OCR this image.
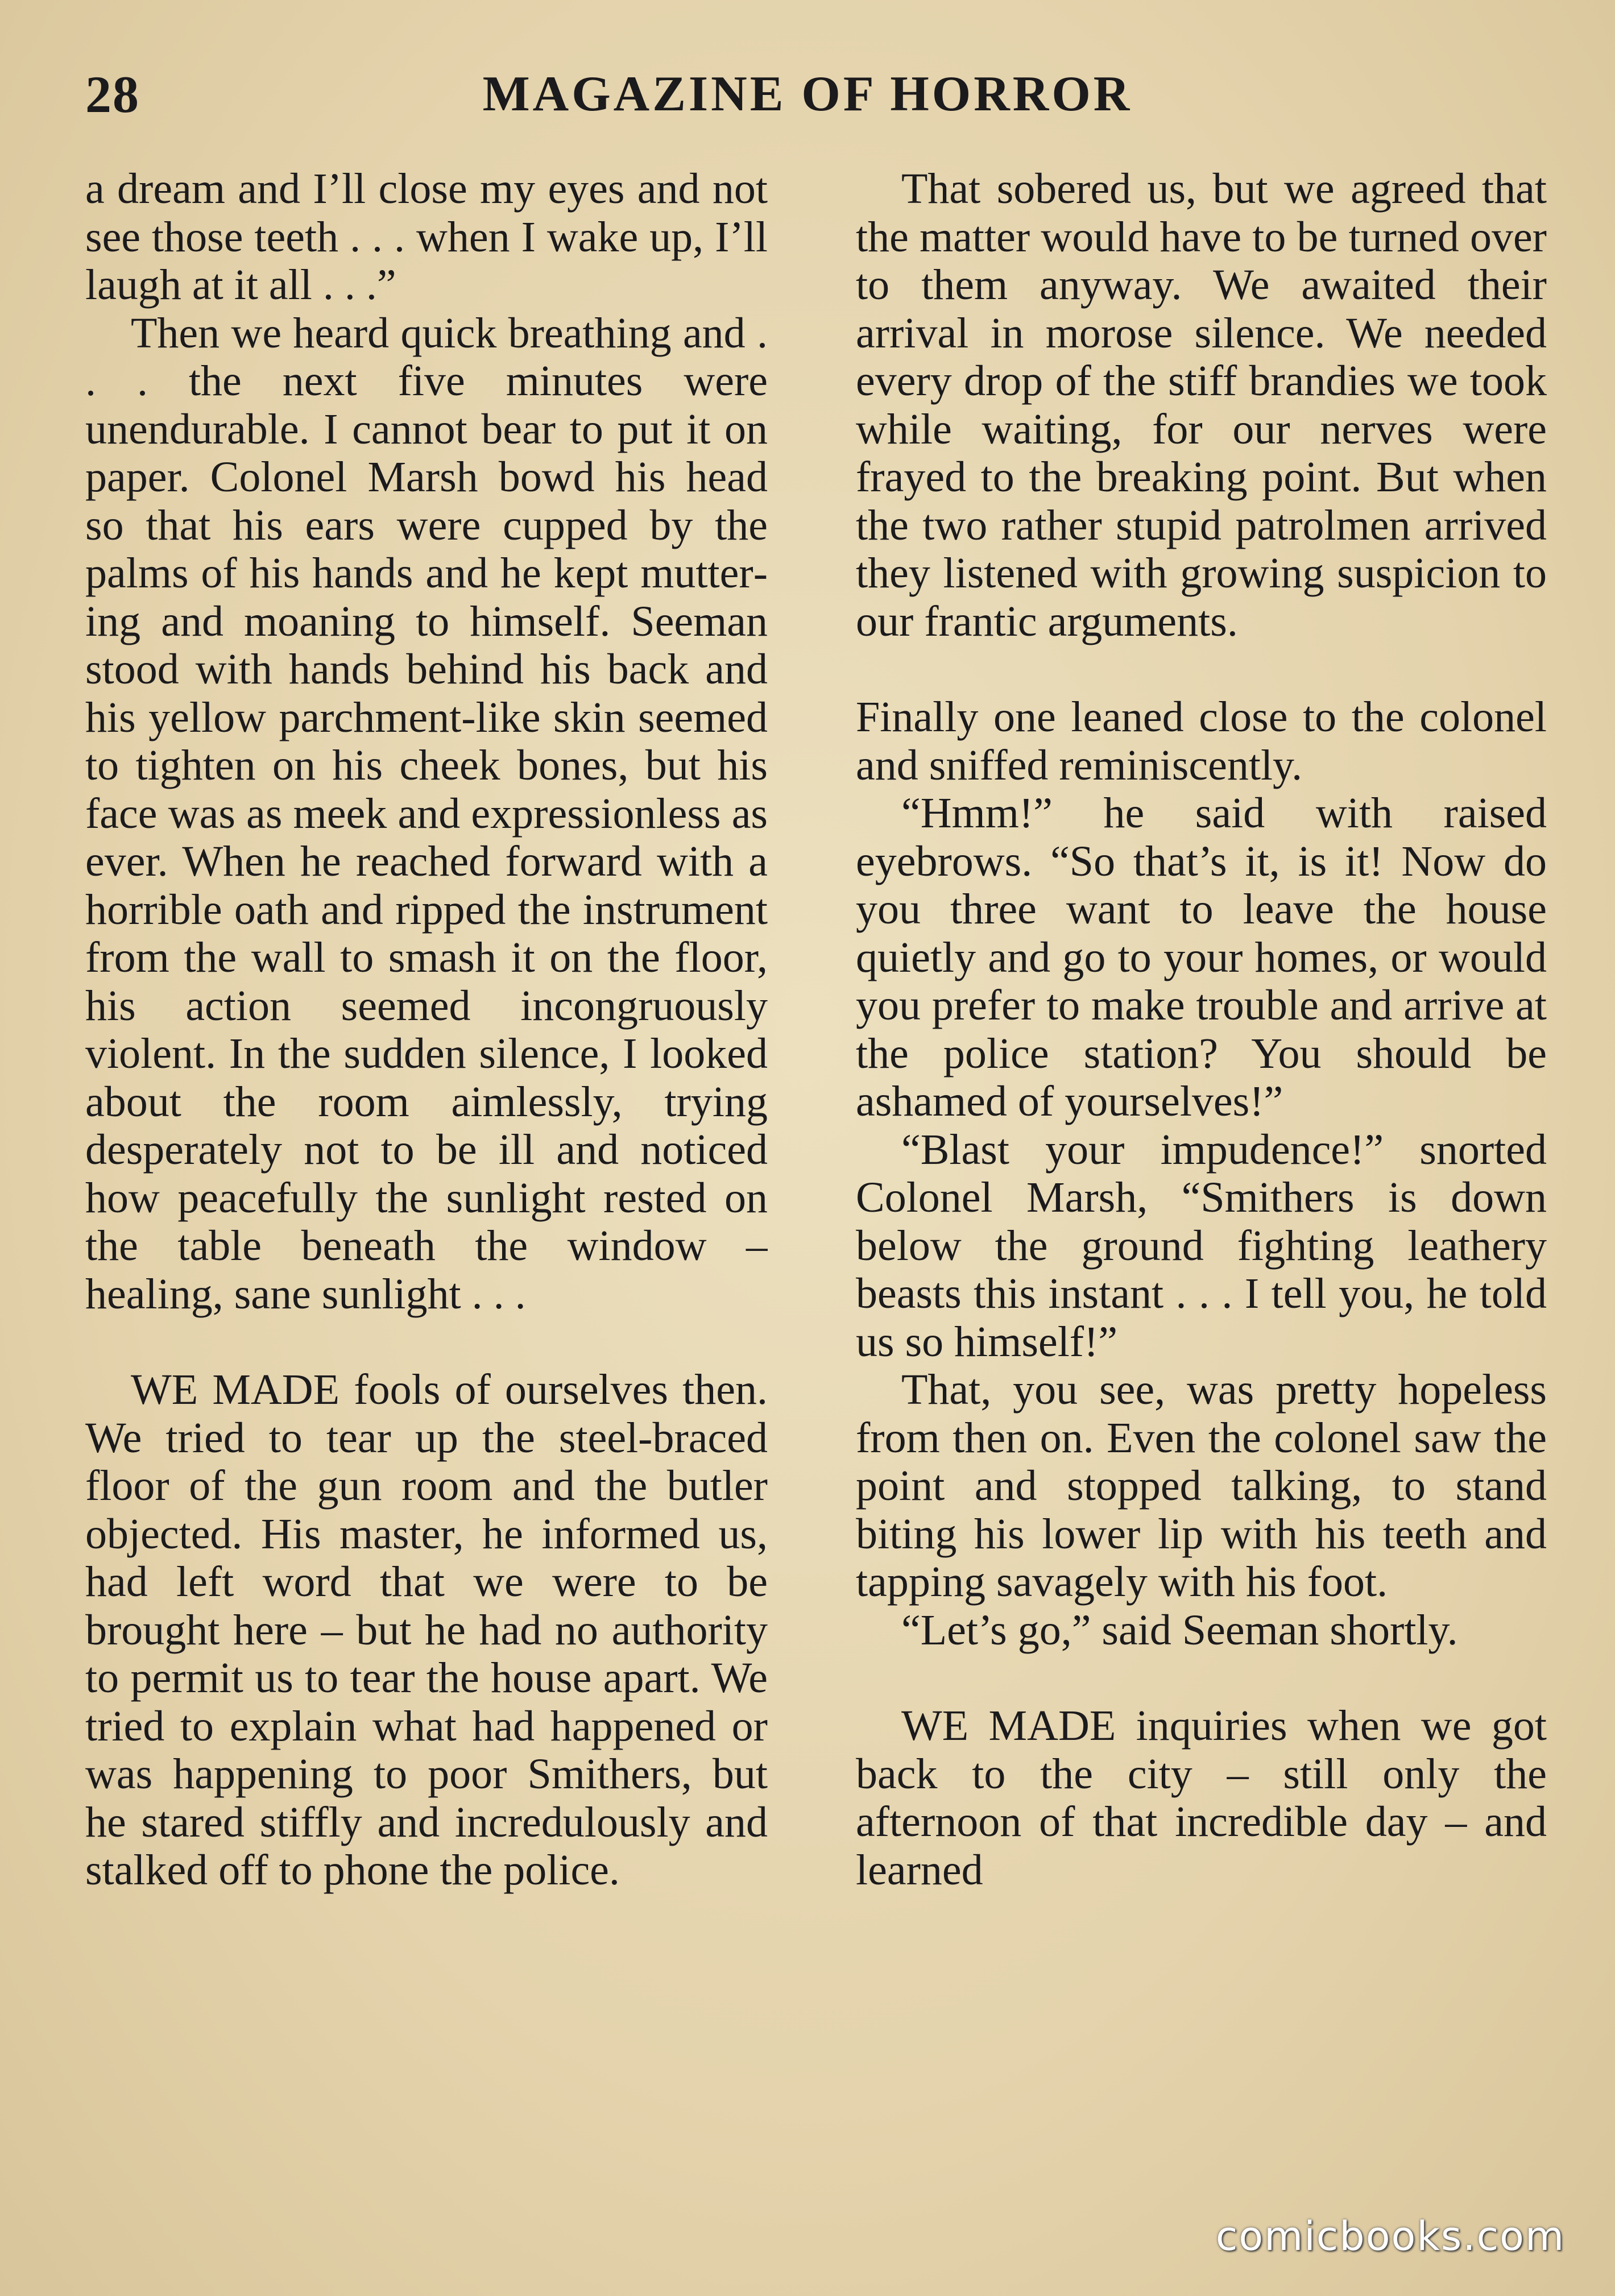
28	MAGAZINE OF HORROR

a dream and I’ll close my eyes and not see those teeth . . . when I wake up, I’ll laugh at it all . . .”

Then we heard quick breathing and . . . the next five minutes were unendurable. I cannot bear to put it on paper. Colonel Marsh bowd his head so that his ears were cupped by the palms of his hands and he kept muttering and moaning to himself. Seeman stood with hands behind his back and his yellow parchment-like skin seemed to tighten on his cheek bones, but his face was as meek and expressionless as ever. When he reached forward with a horrible oath and ripped the instrument from the wall to smash it on the floor, his action seemed incongruously violent. In the sudden silence, I looked about the room aimlessly, trying desperately not to be ill and noticed how peacefully the sunlight rested on the table beneath the window – healing, sane sunlight . . .

WE MADE fools of ourselves then. We tried to tear up the steel-braced floor of the gun room and the butler objected. His master, he informed us, had left word that we were to be brought here – but he had no authority to permit us to tear the house apart. We tried to explain what had happened or was happening to poor Smithers, but he stared stiffly and incredulously and stalked off to phone the police.

That sobered us, but we agreed that the matter would have to be turned over to them anyway. We awaited their arrival in morose silence. We needed every drop of the stiff brandies we took while waiting, for our nerves were frayed to the breaking point. But when the two rather stupid patrolmen arrived they listened with growing suspicion to our frantic arguments.

Finally one leaned close to the colonel and sniffed reminiscently.

“Hmm!” he said with raised eyebrows. “So that’s it, is it! Now do you three want to leave the house quietly and go to your homes, or would you prefer to make trouble and arrive at the police station? You should be ashamed of yourselves!”

“Blast your impudence!” snorted Colonel Marsh, “Smithers is down below the ground fighting leathery beasts this instant . . . I tell you, he told us so himself!”

That, you see, was pretty hopeless from then on. Even the colonel saw the point and stopped talking, to stand biting his lower lip with his teeth and tapping savagely with his foot.

“Let’s go,” said Seeman shortly.

WE MADE inquiries when we got back to the city – still only the afternoon of that incredible day – and learned

comicbooks.com
